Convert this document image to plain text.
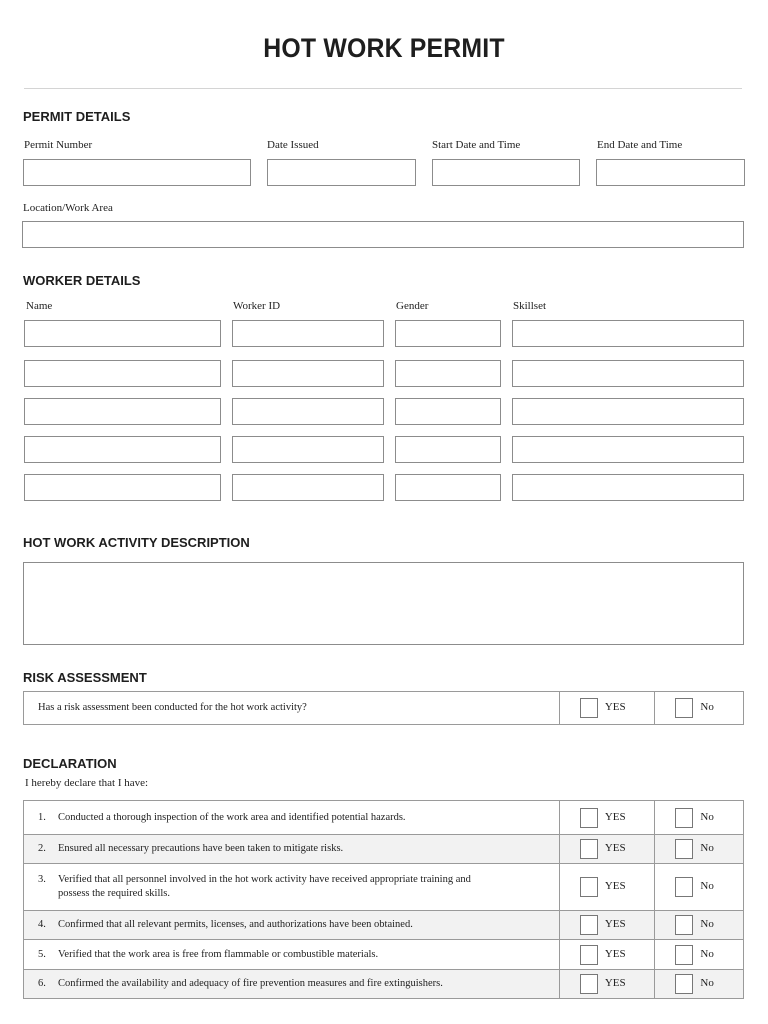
HOT WORK PERMIT
PERMIT DETAILS
Permit Number	Date Issued	Start Date and Time	End Date and Time
Location/Work Area
WORKER DETAILS
Name	Worker ID	Gender	Skillset
HOT WORK ACTIVITY DESCRIPTION
RISK ASSESSMENT
Has a risk assessment been conducted for the hot work activity?	YES	No
DECLARATION
I hereby declare that I have:
1. Conducted a thorough inspection of the work area and identified potential hazards.	YES	No

2. Ensured all necessary precautions have been taken to mitigate risks.	YES	No

3. Verified that all personnel involved in the hot work activity have received appropriate training and
possess the required skills.	YES	No

4. Confirmed that all relevant permits, licenses, and authorizations have been obtained.	YES	No

5. Verified that the work area is free from flammable or combustible materials.	YES	No

6. Confirmed the availability and adequacy of fire prevention measures and fire extinguishers.	YES	No
